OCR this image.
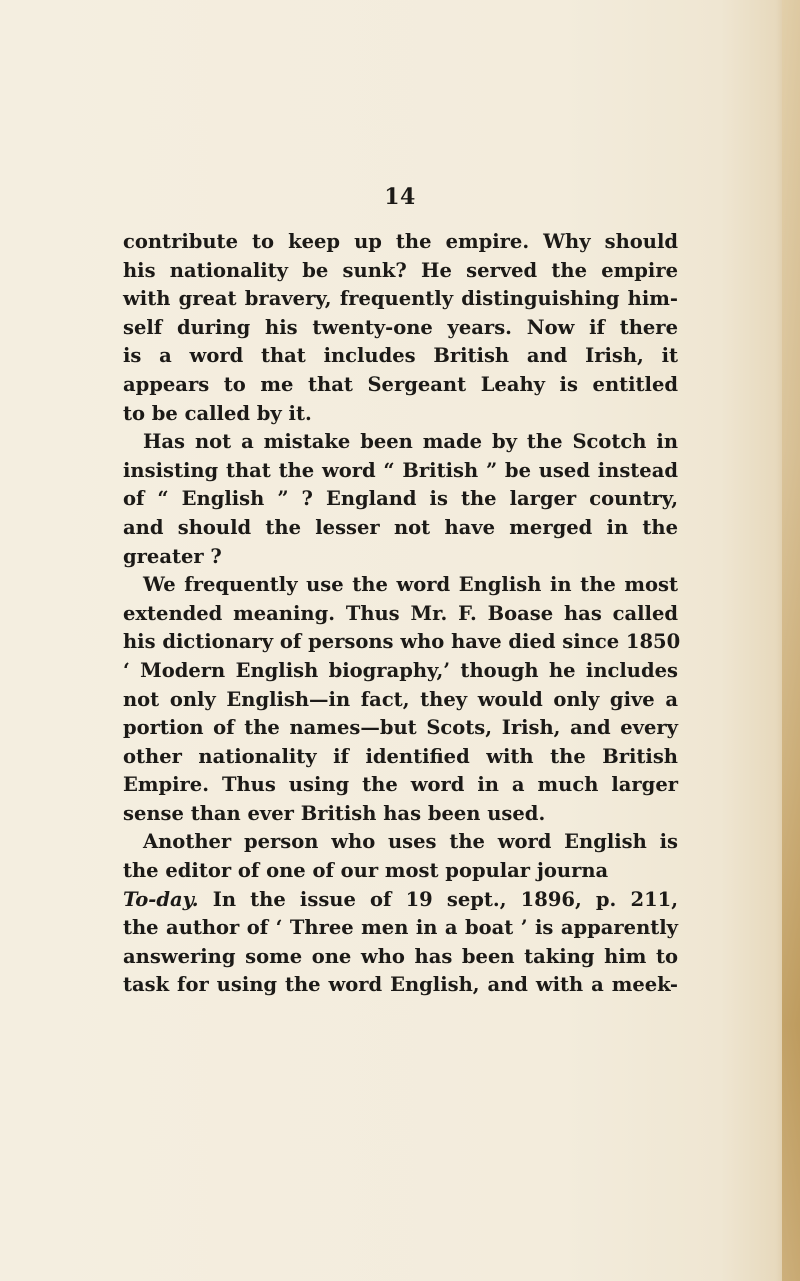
14
contribute to keep up the empire. Why should
his nationality be sunk? He served the empire
with great bravery, frequently distinguishing him-
self during his twenty-one years. Now if there
is a word that includes British and Irish, it
appears to me that Sergeant Leahy is entitled
to be called by it.
Has not a mistake been made by the Scotch in
insisting that the word “ British ” be used instead
of “ English ” ? England is the larger country,
and should the lesser not have merged in the
greater ?
We frequently use the word English in the most
extended meaning. Thus Mr. F. Boase has called
his dictionary of persons who have died since 1850
‘ Modern English biography,’ though he includes
not only English—in fact, they would only give a
portion of the names—but Scots, Irish, and every
other nationality if identified with the British
Empire. Thus using the word in a much larger
sense than ever British has been used.
Another person who uses the word English is
the editor of one of our most popular journa
To-day. In the issue of 19 sept., 1896, p. 211,
the author of ‘ Three men in a boat ’ is apparently
answering some one who has been taking him to
task for using the word English, and with a meek-
